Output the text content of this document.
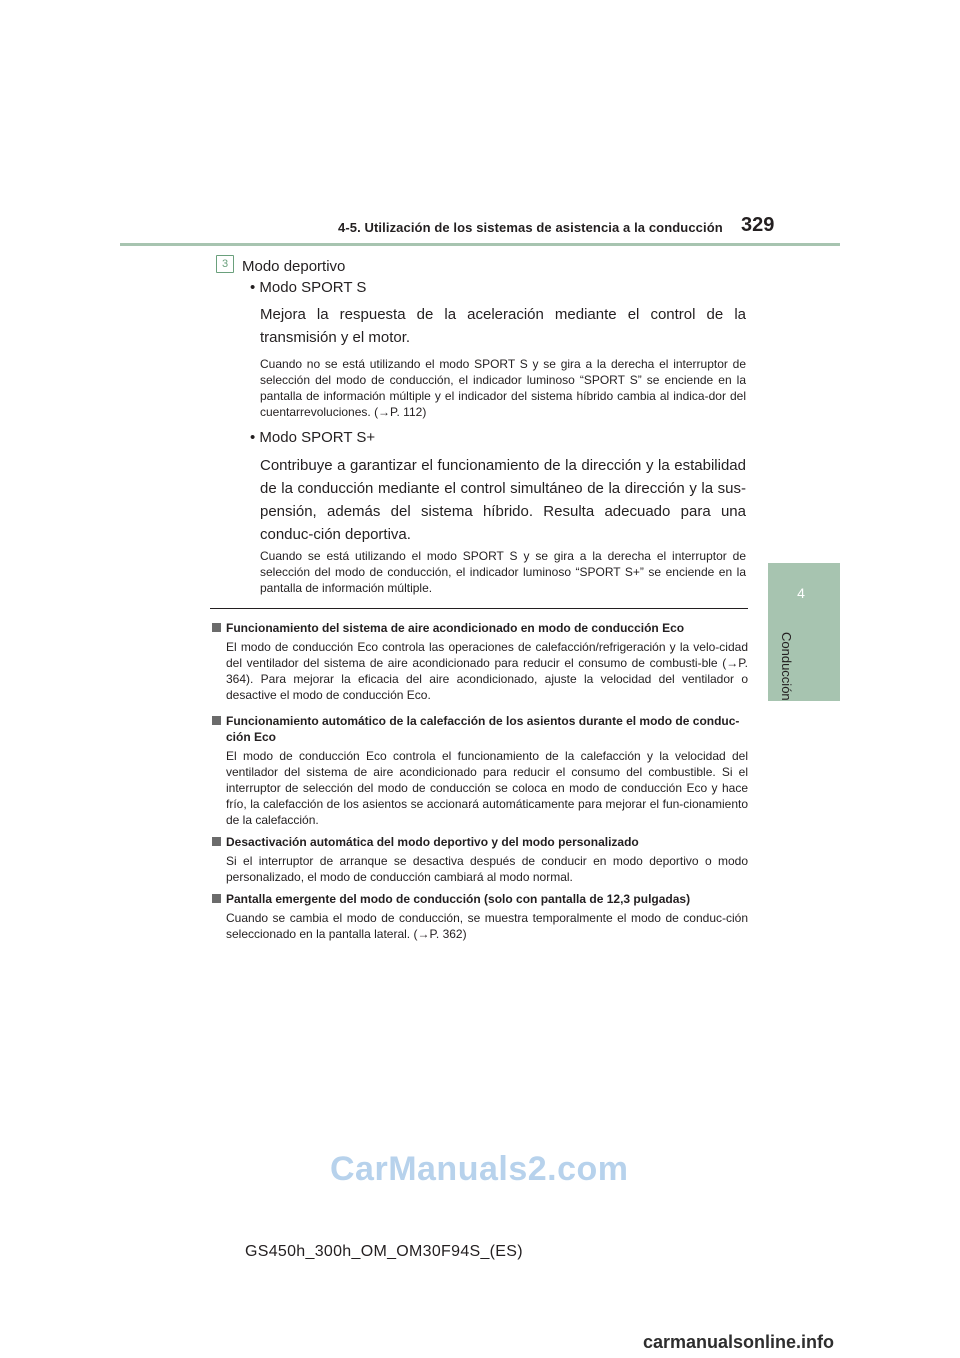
4-5. Utilización de los sistemas de asistencia a la conducción 329
4
Conducción
3 Modo deportivo
• Modo SPORT S
Mejora la respuesta de la aceleración mediante el control de la transmisión y el motor.
Cuando no se está utilizando el modo SPORT S y se gira a la derecha el interruptor de selección del modo de conducción, el indicador luminoso “SPORT S” se enciende en la pantalla de información múltiple y el indicador del sistema híbrido cambia al indica-dor del cuentarrevoluciones. (→P. 112)
• Modo SPORT S+
Contribuye a garantizar el funcionamiento de la dirección y la estabilidad de la conducción mediante el control simultáneo de la dirección y la sus-pensión, además del sistema híbrido. Resulta adecuado para una conduc-ción deportiva.
Cuando se está utilizando el modo SPORT S y se gira a la derecha el interruptor de selección del modo de conducción, el indicador luminoso “SPORT S+” se enciende en la pantalla de información múltiple.
Funcionamiento del sistema de aire acondicionado en modo de conducción Eco
El modo de conducción Eco controla las operaciones de calefacción/refrigeración y la velo-cidad del ventilador del sistema de aire acondicionado para reducir el consumo de combusti-ble (→P. 364). Para mejorar la eficacia del aire acondicionado, ajuste la velocidad del ventilador o desactive el modo de conducción Eco.
Funcionamiento automático de la calefacción de los asientos durante el modo de conduc-ción Eco
El modo de conducción Eco controla el funcionamiento de la calefacción y la velocidad del ventilador del sistema de aire acondicionado para reducir el consumo del combustible. Si el interruptor de selección del modo de conducción se coloca en modo de conducción Eco y hace frío, la calefacción de los asientos se accionará automáticamente para mejorar el fun-cionamiento de la calefacción.
Desactivación automática del modo deportivo y del modo personalizado
Si el interruptor de arranque se desactiva después de conducir en modo deportivo o modo personalizado, el modo de conducción cambiará al modo normal.
Pantalla emergente del modo de conducción (solo con pantalla de 12,3 pulgadas)
Cuando se cambia el modo de conducción, se muestra temporalmente el modo de conduc-ción seleccionado en la pantalla lateral. (→P. 362)
CarManuals2.com
GS450h_300h_OM_OM30F94S_(ES)
carmanualsonline.info
